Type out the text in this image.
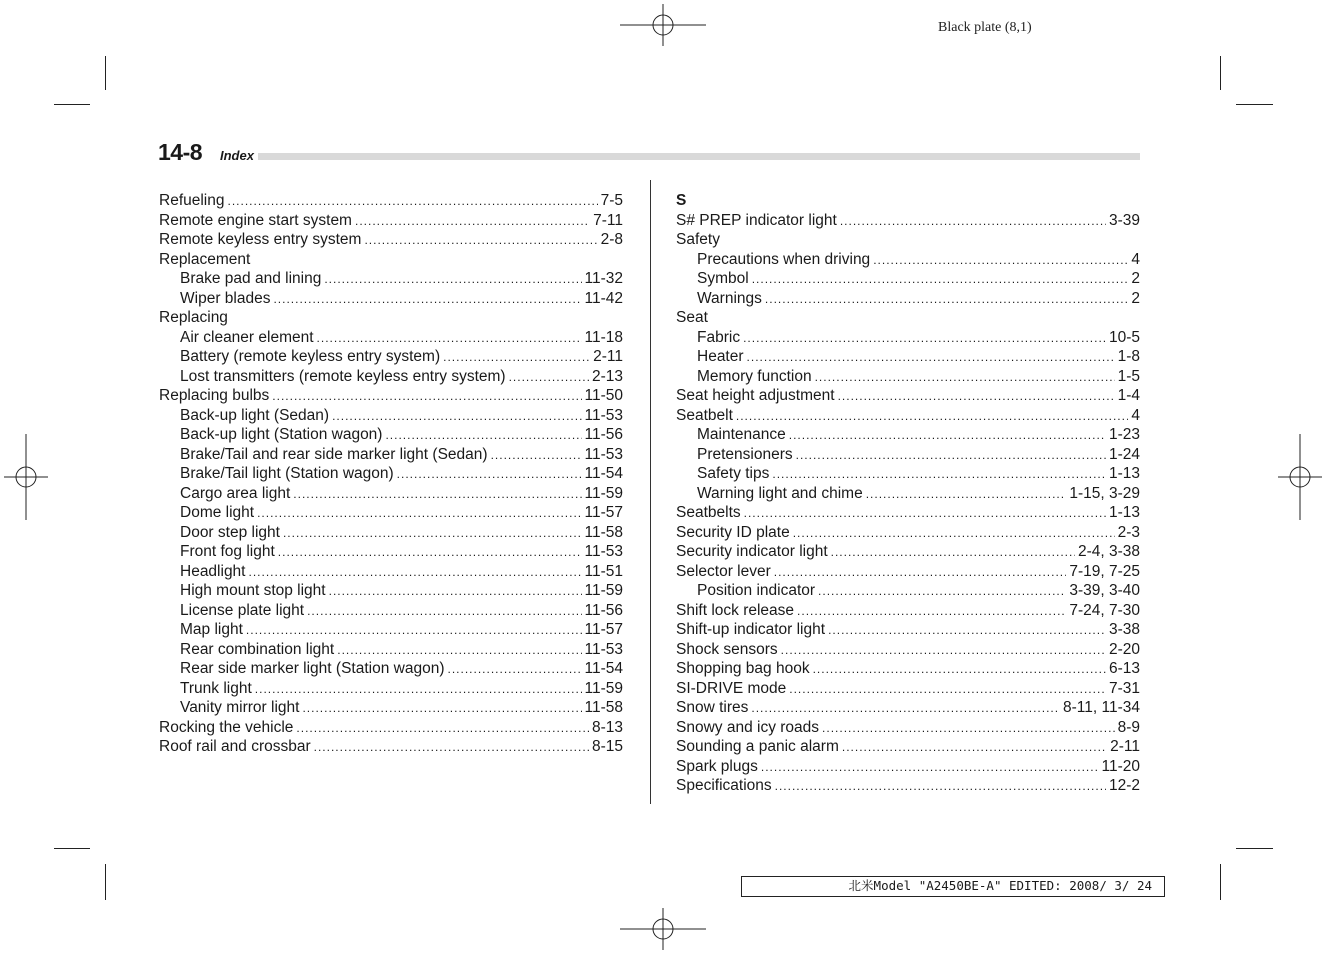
Black plate (8,1)
14-8 Index
Refueling .....	7-5
Remote engine start system .....	7-11
Remote keyless entry system .....	2-8
Replacement
Brake pad and lining .....	11-32
Wiper blades .....	11-42
Replacing
Air cleaner element .....	11-18
Battery (remote keyless entry system) .....	2-11
Lost transmitters (remote keyless entry system) .....	2-13
Replacing bulbs .....	11-50
Back-up light (Sedan) .....	11-53
Back-up light (Station wagon) .....	11-56
Brake/Tail and rear side marker light (Sedan) .....	11-53
Brake/Tail light (Station wagon) .....	11-54
Cargo area light .....	11-59
Dome light .....	11-57
Door step light .....	11-58
Front fog light .....	11-53
Headlight .....	11-51
High mount stop light .....	11-59
License plate light .....	11-56
Map light .....	11-57
Rear combination light .....	11-53
Rear side marker light (Station wagon) .....	11-54
Trunk light .....	11-59
Vanity mirror light .....	11-58
Rocking the vehicle .....	8-13
Roof rail and crossbar .....	8-15
S
S# PREP indicator light .....	3-39
Safety
Precautions when driving .....	4
Symbol .....	2
Warnings .....	2
Seat
Fabric .....	10-5
Heater .....	1-8
Memory function .....	1-5
Seat height adjustment .....	1-4
Seatbelt .....	4
Maintenance .....	1-23
Pretensioners .....	1-24
Safety tips .....	1-13
Warning light and chime .....	1-15, 3-29
Seatbelts .....	1-13
Security ID plate .....	2-3
Security indicator light .....	2-4, 3-38
Selector lever .....	7-19, 7-25
Position indicator .....	3-39, 3-40
Shift lock release .....	7-24, 7-30
Shift-up indicator light .....	3-38
Shock sensors .....	2-20
Shopping bag hook .....	6-13
SI-DRIVE mode .....	7-31
Snow tires .....	8-11, 11-34
Snowy and icy roads .....	8-9
Sounding a panic alarm .....	2-11
Spark plugs .....	11-20
Specifications .....	12-2
北米Model "A2450BE-A" EDITED: 2008/ 3/ 24
